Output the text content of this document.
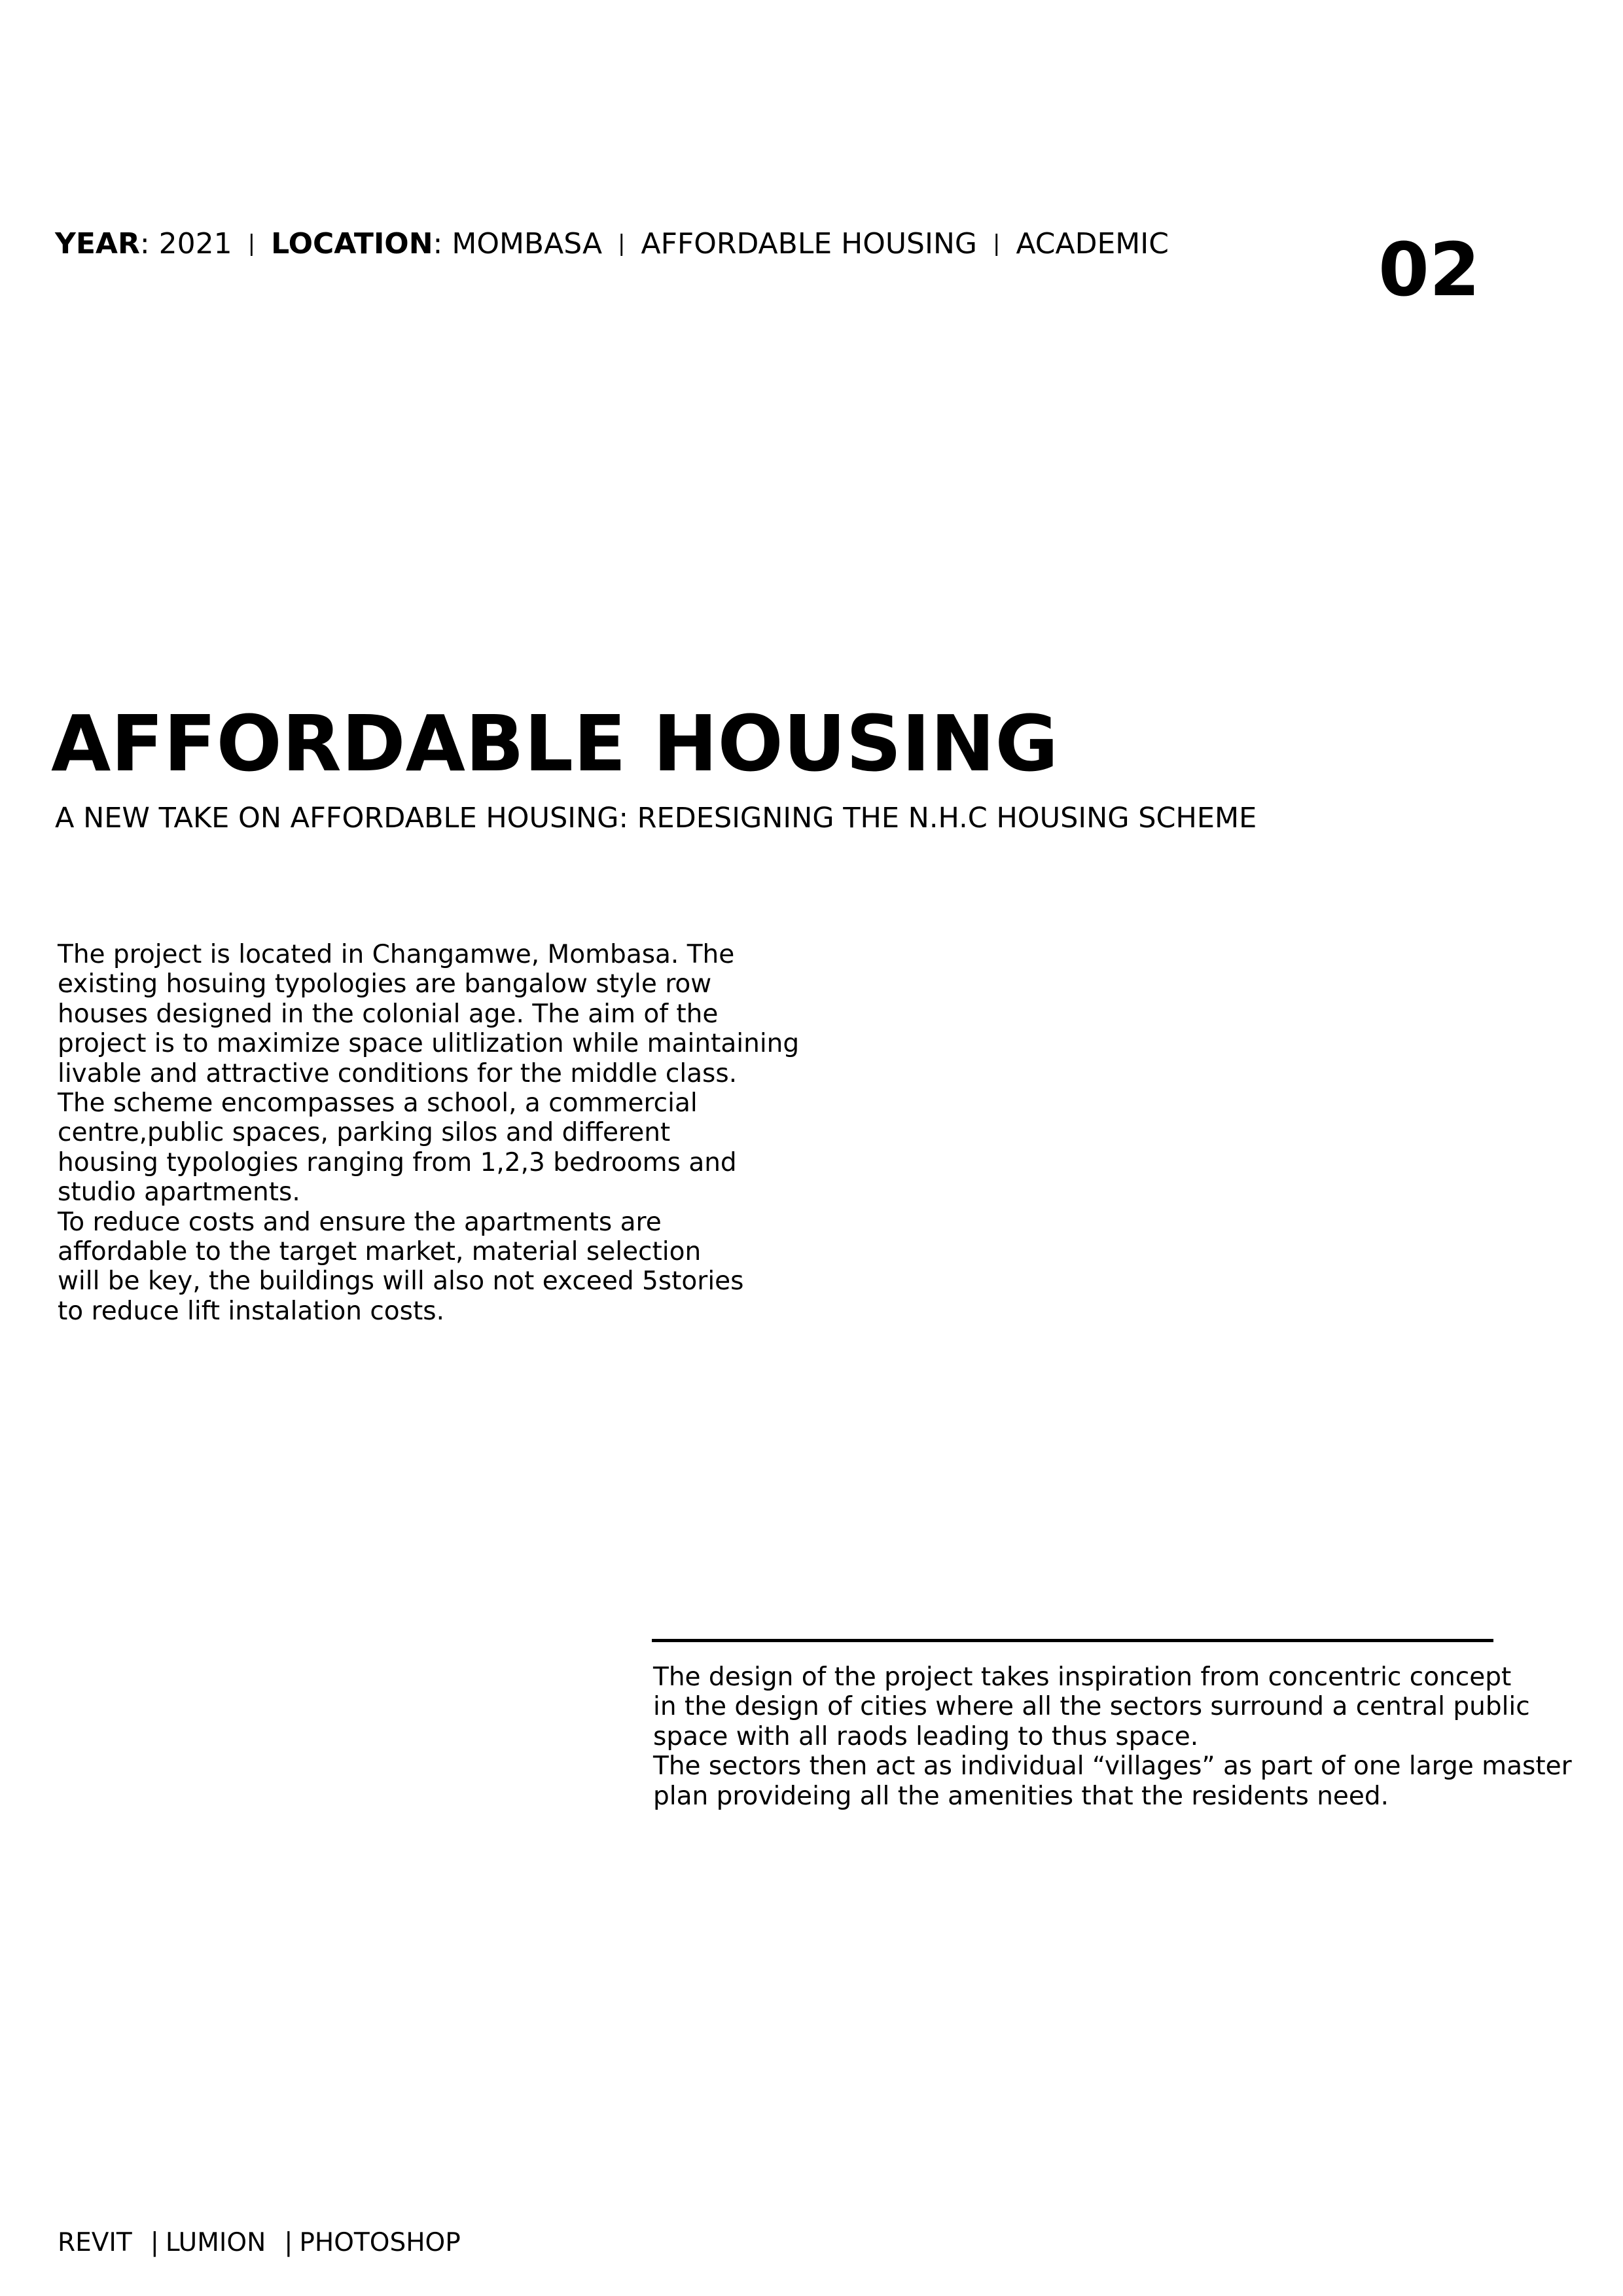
YEAR: 2021 | LOCATION: MOMBASA | AFFORDABLE HOUSING | ACADEMIC	02
AFFORDABLE HOUSING
A NEW TAKE ON AFFORDABLE HOUSING: REDESIGNING THE N.H.C HOUSING SCHEME
The project is located in Changamwe, Mombasa. The
existing hosuing typologies are bangalow style row
houses designed in the colonial age. The aim of the
project is to maximize space ulitlization while maintaining
livable and attractive conditions for the middle class.
The scheme encompasses a school, a commercial
centre,public spaces, parking silos and different
housing typologies ranging from 1,2,3 bedrooms and
studio apartments.
To reduce costs and ensure the apartments are
affordable to the target market, material selection
will be key, the buildings will also not exceed 5stories
to reduce lift instalation costs.
The design of the project takes inspiration from concentric concept
in the design of cities where all the sectors surround a central public
space with all raods leading to thus space.
The sectors then act as individual “villages” as part of one large master
plan provideing all the amenities that the residents need.
REVIT | LUMION | PHOTOSHOP
